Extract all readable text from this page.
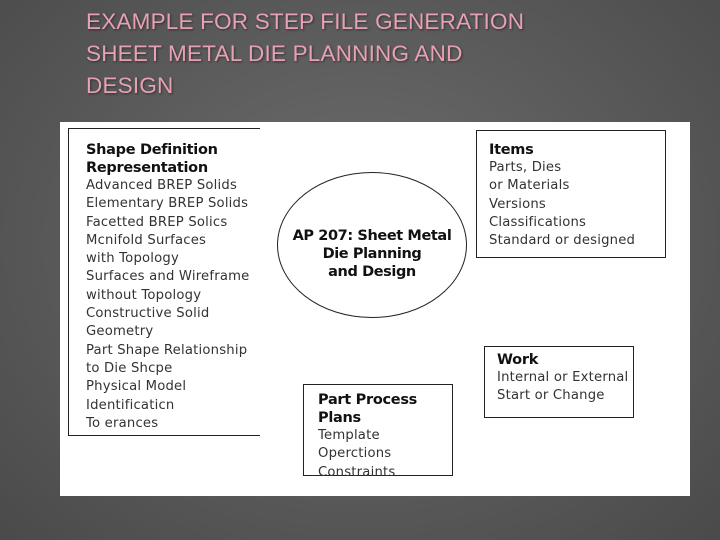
EXAMPLE FOR STEP FILE GENERATION
SHEET METAL DIE PLANNING AND
DESIGN
Shape Definition
Representation
Advanced BREP Solids
Elementary BREP Solids
Facetted BREP Solics
Mcnifold Surfaces
with Topology
Surfaces and Wireframe
without Topology
Constructive Solid
Geometry
Part Shape Relationship
to Die Shcpe
Physical Model
Identificaticn
To erances
AP 207: Sheet Metal
Die Planning
and Design
Items
Parts, Dies
or Materials
Versions
Classifications
Standard or designed
Work
Internal or External
Start or Change
Part Process Plans
Template
Operctions
Constraints
